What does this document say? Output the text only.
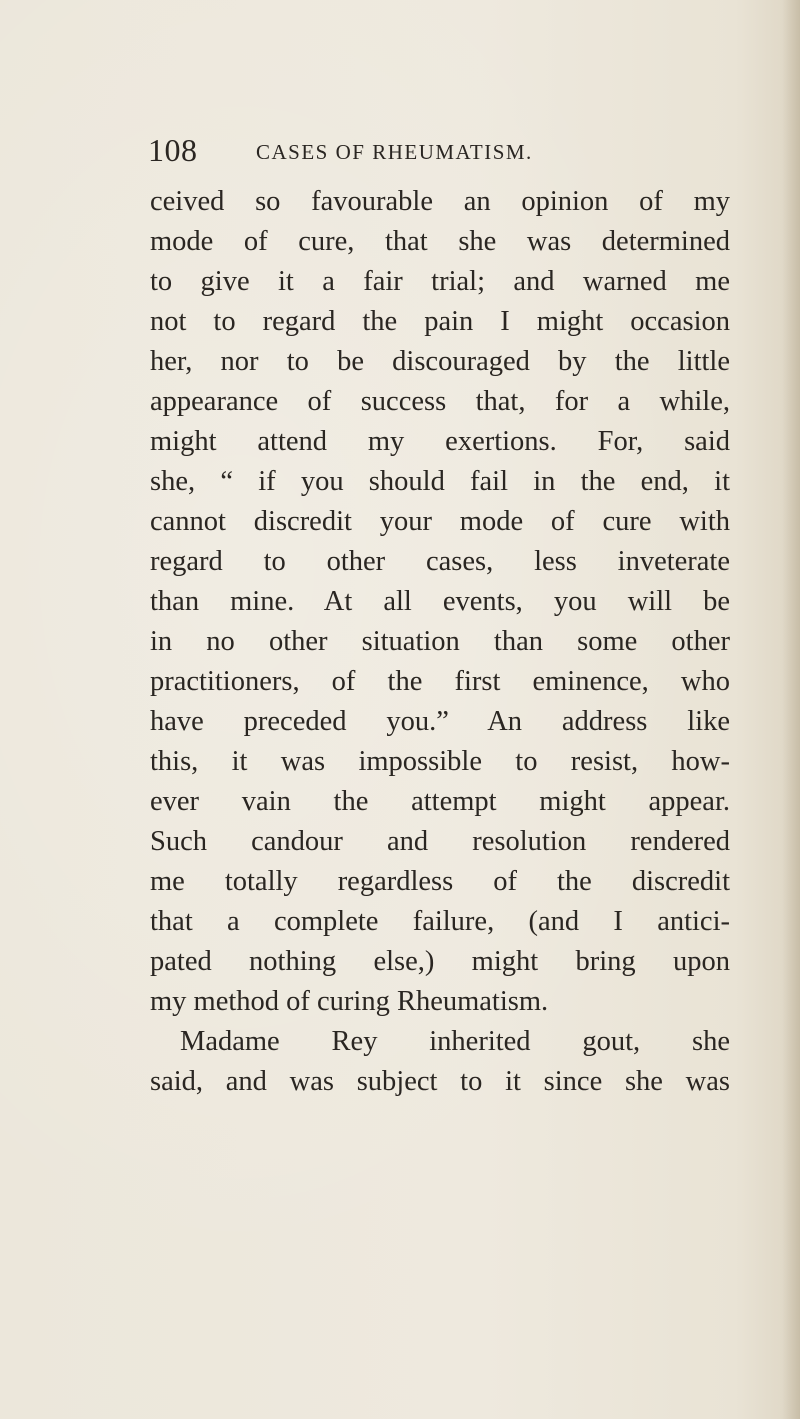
108	CASES OF RHEUMATISM.
ceived so favourable an opinion of my
mode of cure, that she was determined
to give it a fair trial; and warned me
not to regard the pain I might occasion
her, nor to be discouraged by the little
appearance of success that, for a while,
might attend my exertions. For, said
she, “ if you should fail in the end, it
cannot discredit your mode of cure with
regard to other cases, less inveterate
than mine. At all events, you will be
in no other situation than some other
practitioners, of the first eminence, who
have preceded you.” An address like
this, it was impossible to resist, how-
ever vain the attempt might appear.
Such candour and resolution rendered
me totally regardless of the discredit
that a complete failure, (and I antici-
pated nothing else,) might bring upon
my method of curing Rheumatism.
Madame Rey inherited gout, she
said, and was subject to it since she was
